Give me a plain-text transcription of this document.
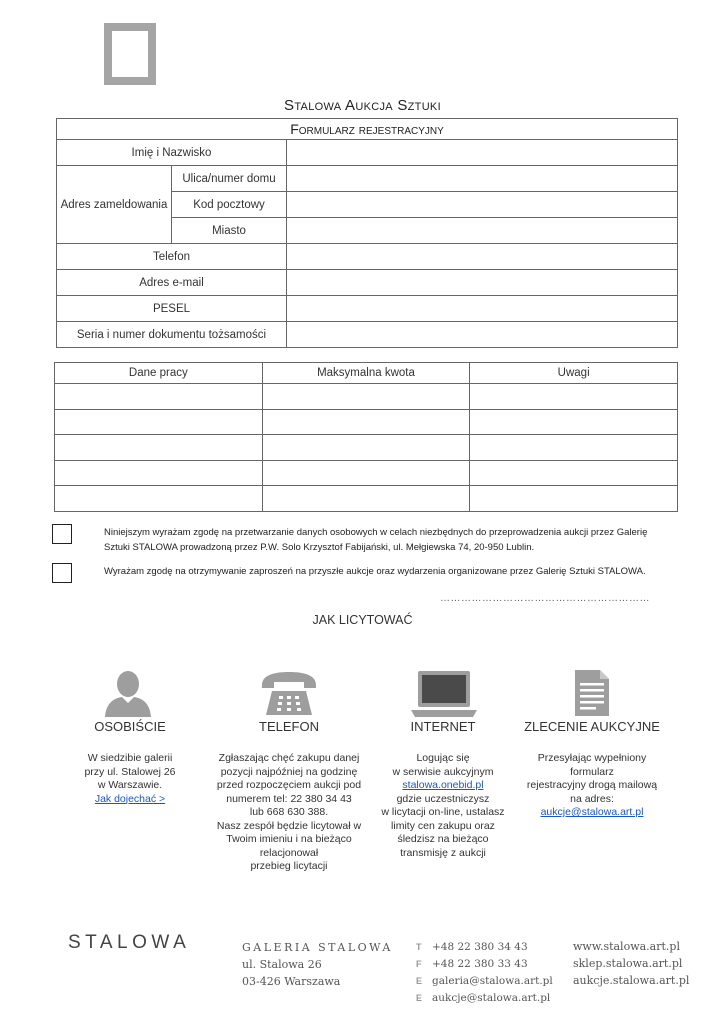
Stalowa Aukcja Sztuki
Formularz rejestracyjny		
Imię i Nazwisko		
Adres zameldowania	Ulica/numer domu	
	Kod pocztowy	
	Miasto	
Telefon		
Adres e-mail		
PESEL		
Seria i numer dokumentu tożsamości		
Dane pracy	Maksymalna kwota	Uwagi

Niniejszym wyrażam zgodę na przetwarzanie danych osobowych w celach niezbędnych do przeprowadzenia aukcji przez Galerię Sztuki STALOWA prowadzoną przez P.W. Solo Krzysztof Fabijański, ul. Mełgiewska 74, 20-950 Lublin.
Wyrażam zgodę na otrzymywanie zaproszeń na przyszłe aukcje oraz wydarzenia organizowane przez Galerię Sztuki STALOWA.
……………………………………………………
JAK LICYTOWAĆ
OSOBIŚCIE
W siedzibie galerii
przy ul. Stalowej 26
w Warszawie.
Jak dojechać >
TELEFON
Zgłaszając chęć zakupu danej
pozycji najpóźniej na godzinę
przed rozpoczęciem aukcji pod
numerem tel: 22 380 34 43
lub 668 630 388.
Nasz zespół będzie licytował w
Twoim imieniu i na bieżąco
relacjonował
przebieg licytacji
INTERNET
Logując się
w serwisie aukcyjnym
stalowa.onebid.pl
gdzie uczestniczysz
w licytacji on-line, ustalasz
limity cen zakupu oraz
śledzisz na bieżąco
transmisję z aukcji
ZLECENIE AUKCYJNE
Przesyłając wypełniony
formularz
rejestracyjny drogą mailową
na adres:
aukcje@stalowa.art.pl
STALOWA	GALERIA STALOWA
ul. Stalowa 26
03-426 Warszawa
T +48 22 380 34 43
F +48 22 380 33 43
E galeria@stalowa.art.pl
E aukcje@stalowa.art.pl
www.stalowa.art.pl
sklep.stalowa.art.pl
aukcje.stalowa.art.pl
